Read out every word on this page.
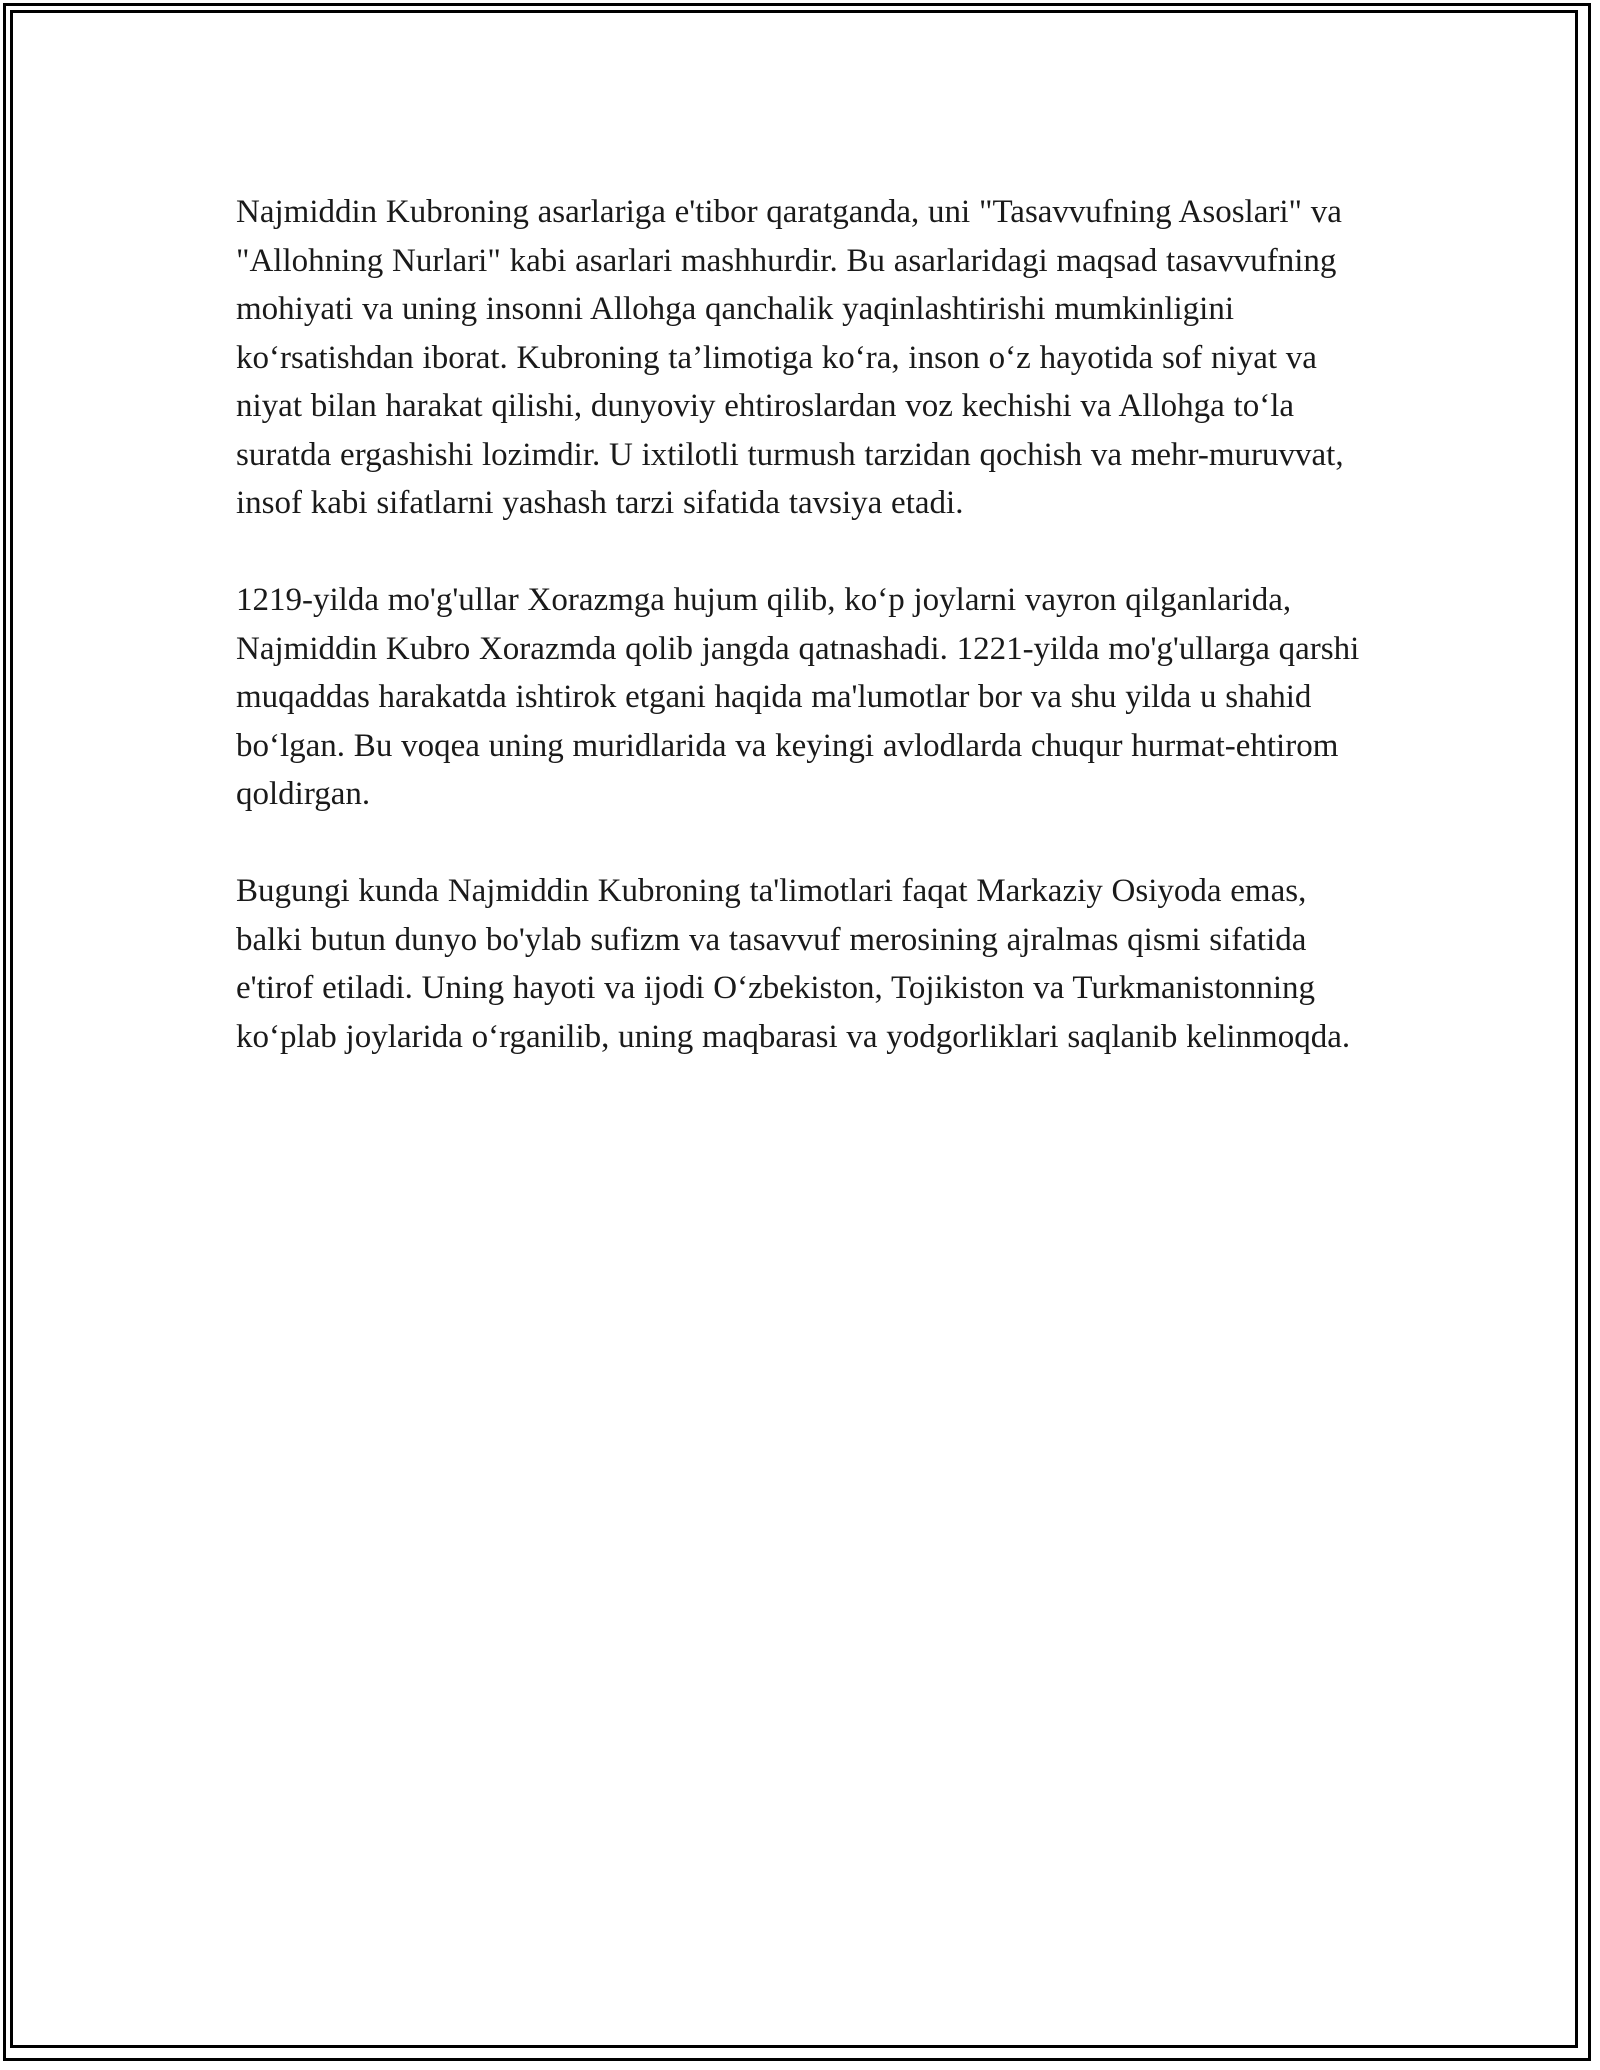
Najmiddin Kubroning asarlariga e'tibor qaratganda, uni "Tasavvufning Asoslari" va "Allohning Nurlari" kabi asarlari mashhurdir. Bu asarlaridagi maqsad tasavvufning mohiyati va uning insonni Allohga qanchalik yaqinlashtirishi mumkinligini ko‘rsatishdan iborat. Kubroning ta’limotiga ko‘ra, inson o‘z hayotida sof niyat va niyat bilan harakat qilishi, dunyoviy ehtiroslardan voz kechishi va Allohga to‘la suratda ergashishi lozimdir. U ixtilotli turmush tarzidan qochish va mehr-muruvvat, insof kabi sifatlarni yashash tarzi sifatida tavsiya etadi.

1219-yilda mo'g'ullar Xorazmga hujum qilib, ko‘p joylarni vayron qilganlarida, Najmiddin Kubro Xorazmda qolib jangda qatnashadi. 1221-yilda mo'g'ullarga qarshi muqaddas harakatda ishtirok etgani haqida ma'lumotlar bor va shu yilda u shahid bo‘lgan. Bu voqea uning muridlarida va keyingi avlodlarda chuqur hurmat-ehtirom qoldirgan.

Bugungi kunda Najmiddin Kubroning ta'limotlari faqat Markaziy Osiyoda emas, balki butun dunyo bo'ylab sufizm va tasavvuf merosining ajralmas qismi sifatida e'tirof etiladi. Uning hayoti va ijodi O‘zbekiston, Tojikiston va Turkmanistonning ko‘plab joylarida o‘rganilib, uning maqbarasi va yodgorliklari saqlanib kelinmoqda.
